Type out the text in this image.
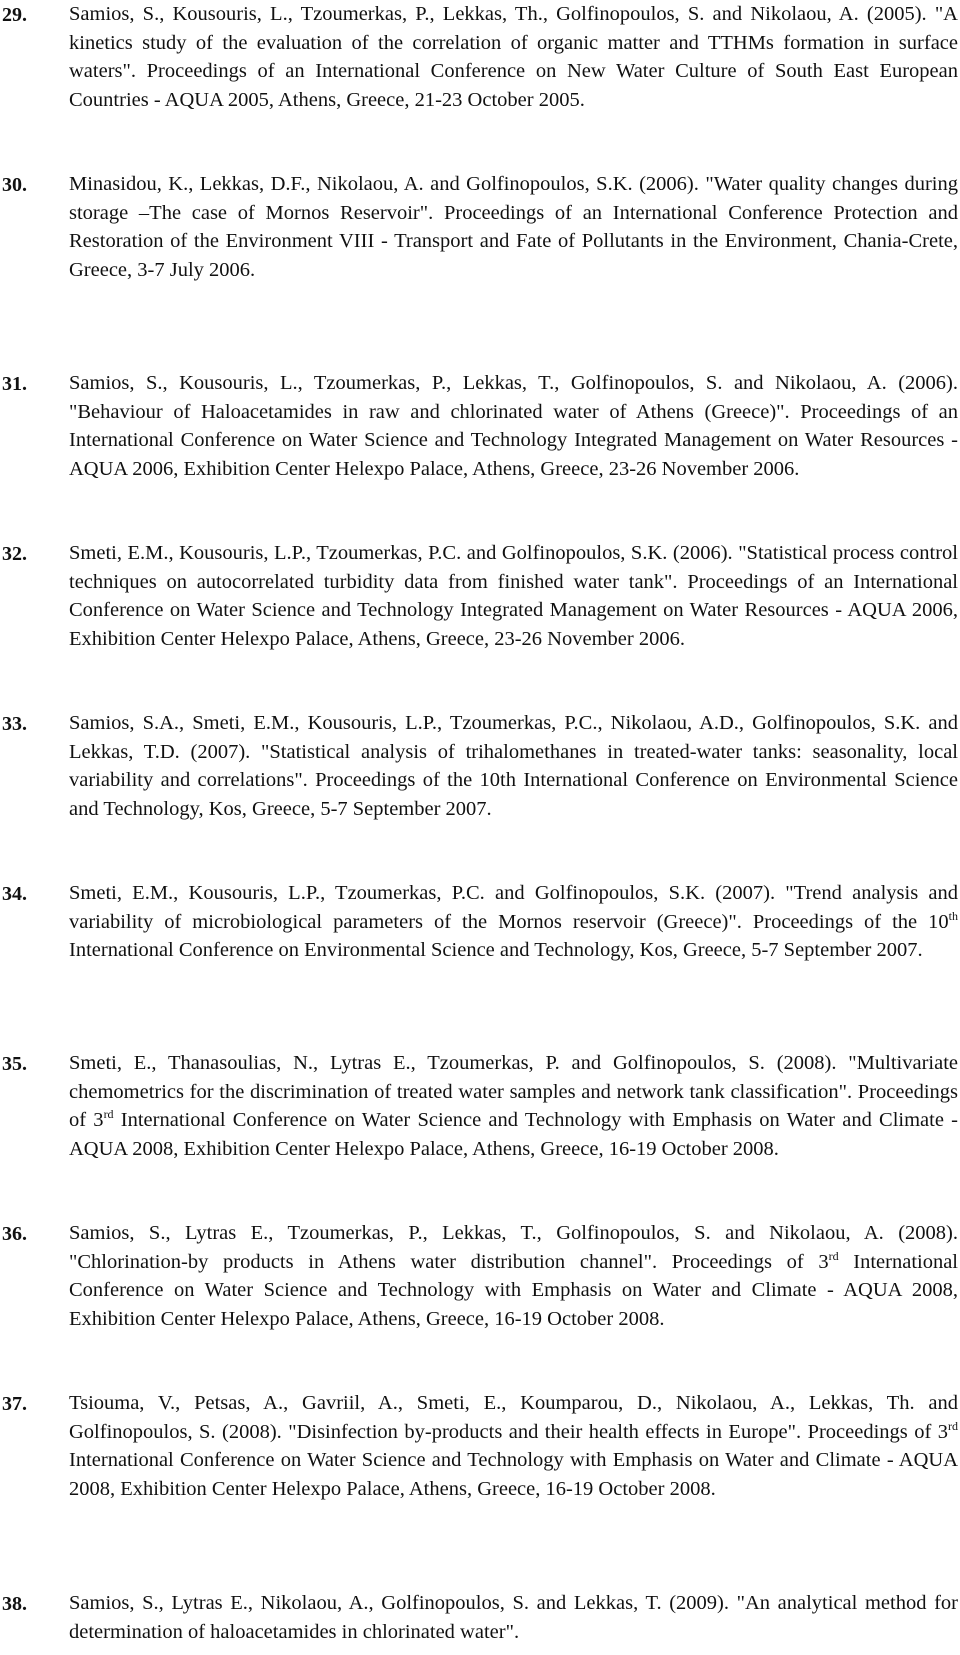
29. Samios, S., Kousouris, L., Tzoumerkas, P., Lekkas, Th., Golfinopoulos, S. and Nikolaou, A. (2005). "A kinetics study of the evaluation of the correlation of organic matter and TTHMs formation in surface waters". Proceedings of an International Conference on New Water Culture of South East European Countries - AQUA 2005, Athens, Greece, 21-23 October 2005.

30. Minasidou, K., Lekkas, D.F., Nikolaou, A. and Golfinopoulos, S.K. (2006). "Water quality changes during storage –The case of Mornos Reservoir". Proceedings of an International Conference Protection and Restoration of the Environment VIII - Transport and Fate of Pollutants in the Environment, Chania-Crete, Greece, 3-7 July 2006.

31. Samios, S., Kousouris, L., Tzoumerkas, P., Lekkas, T., Golfinopoulos, S. and Nikolaou, A. (2006). "Behaviour of Haloacetamides in raw and chlorinated water of Athens (Greece)". Proceedings of an International Conference on Water Science and Technology Integrated Management on Water Resources - AQUA 2006, Exhibition Center Helexpo Palace, Athens, Greece, 23-26 November 2006.

32. Smeti, E.M., Kousouris, L.P., Tzoumerkas, P.C. and Golfinopoulos, S.K. (2006). "Statistical process control techniques on autocorrelated turbidity data from finished water tank". Proceedings of an International Conference on Water Science and Technology Integrated Management on Water Resources - AQUA 2006, Exhibition Center Helexpo Palace, Athens, Greece, 23-26 November 2006.

33. Samios, S.A., Smeti, E.M., Kousouris, L.P., Tzoumerkas, P.C., Nikolaou, A.D., Golfinopoulos, S.K. and Lekkas, T.D. (2007). "Statistical analysis of trihalomethanes in treated-water tanks: seasonality, local variability and correlations". Proceedings of the 10th International Conference on Environmental Science and Technology, Kos, Greece, 5-7 September 2007.

34. Smeti, E.M., Kousouris, L.P., Tzoumerkas, P.C. and Golfinopoulos, S.K. (2007). "Trend analysis and variability of microbiological parameters of the Mornos reservoir (Greece)". Proceedings of the 10th International Conference on Environmental Science and Technology, Kos, Greece, 5-7 September 2007.

35. Smeti, E., Thanasoulias, N., Lytras E., Tzoumerkas, P. and Golfinopoulos, S. (2008). "Multivariate chemometrics for the discrimination of treated water samples and network tank classification". Proceedings of 3rd International Conference on Water Science and Technology with Emphasis on Water and Climate - AQUA 2008, Exhibition Center Helexpo Palace, Athens, Greece, 16-19 October 2008.

36. Samios, S., Lytras E., Tzoumerkas, P., Lekkas, T., Golfinopoulos, S. and Nikolaou, A. (2008). "Chlorination-by products in Athens water distribution channel". Proceedings of 3rd International Conference on Water Science and Technology with Emphasis on Water and Climate - AQUA 2008, Exhibition Center Helexpo Palace, Athens, Greece, 16-19 October 2008.

37. Tsiouma, V., Petsas, A., Gavriil, A., Smeti, E., Koumparou, D., Nikolaou, A., Lekkas, Th. and Golfinopoulos, S. (2008). "Disinfection by-products and their health effects in Europe". Proceedings of 3rd International Conference on Water Science and Technology with Emphasis on Water and Climate - AQUA 2008, Exhibition Center Helexpo Palace, Athens, Greece, 16-19 October 2008.

38. Samios, S., Lytras E., Nikolaou, A., Golfinopoulos, S. and Lekkas, T. (2009). "An analytical method for determination of haloacetamides in chlorinated water".
